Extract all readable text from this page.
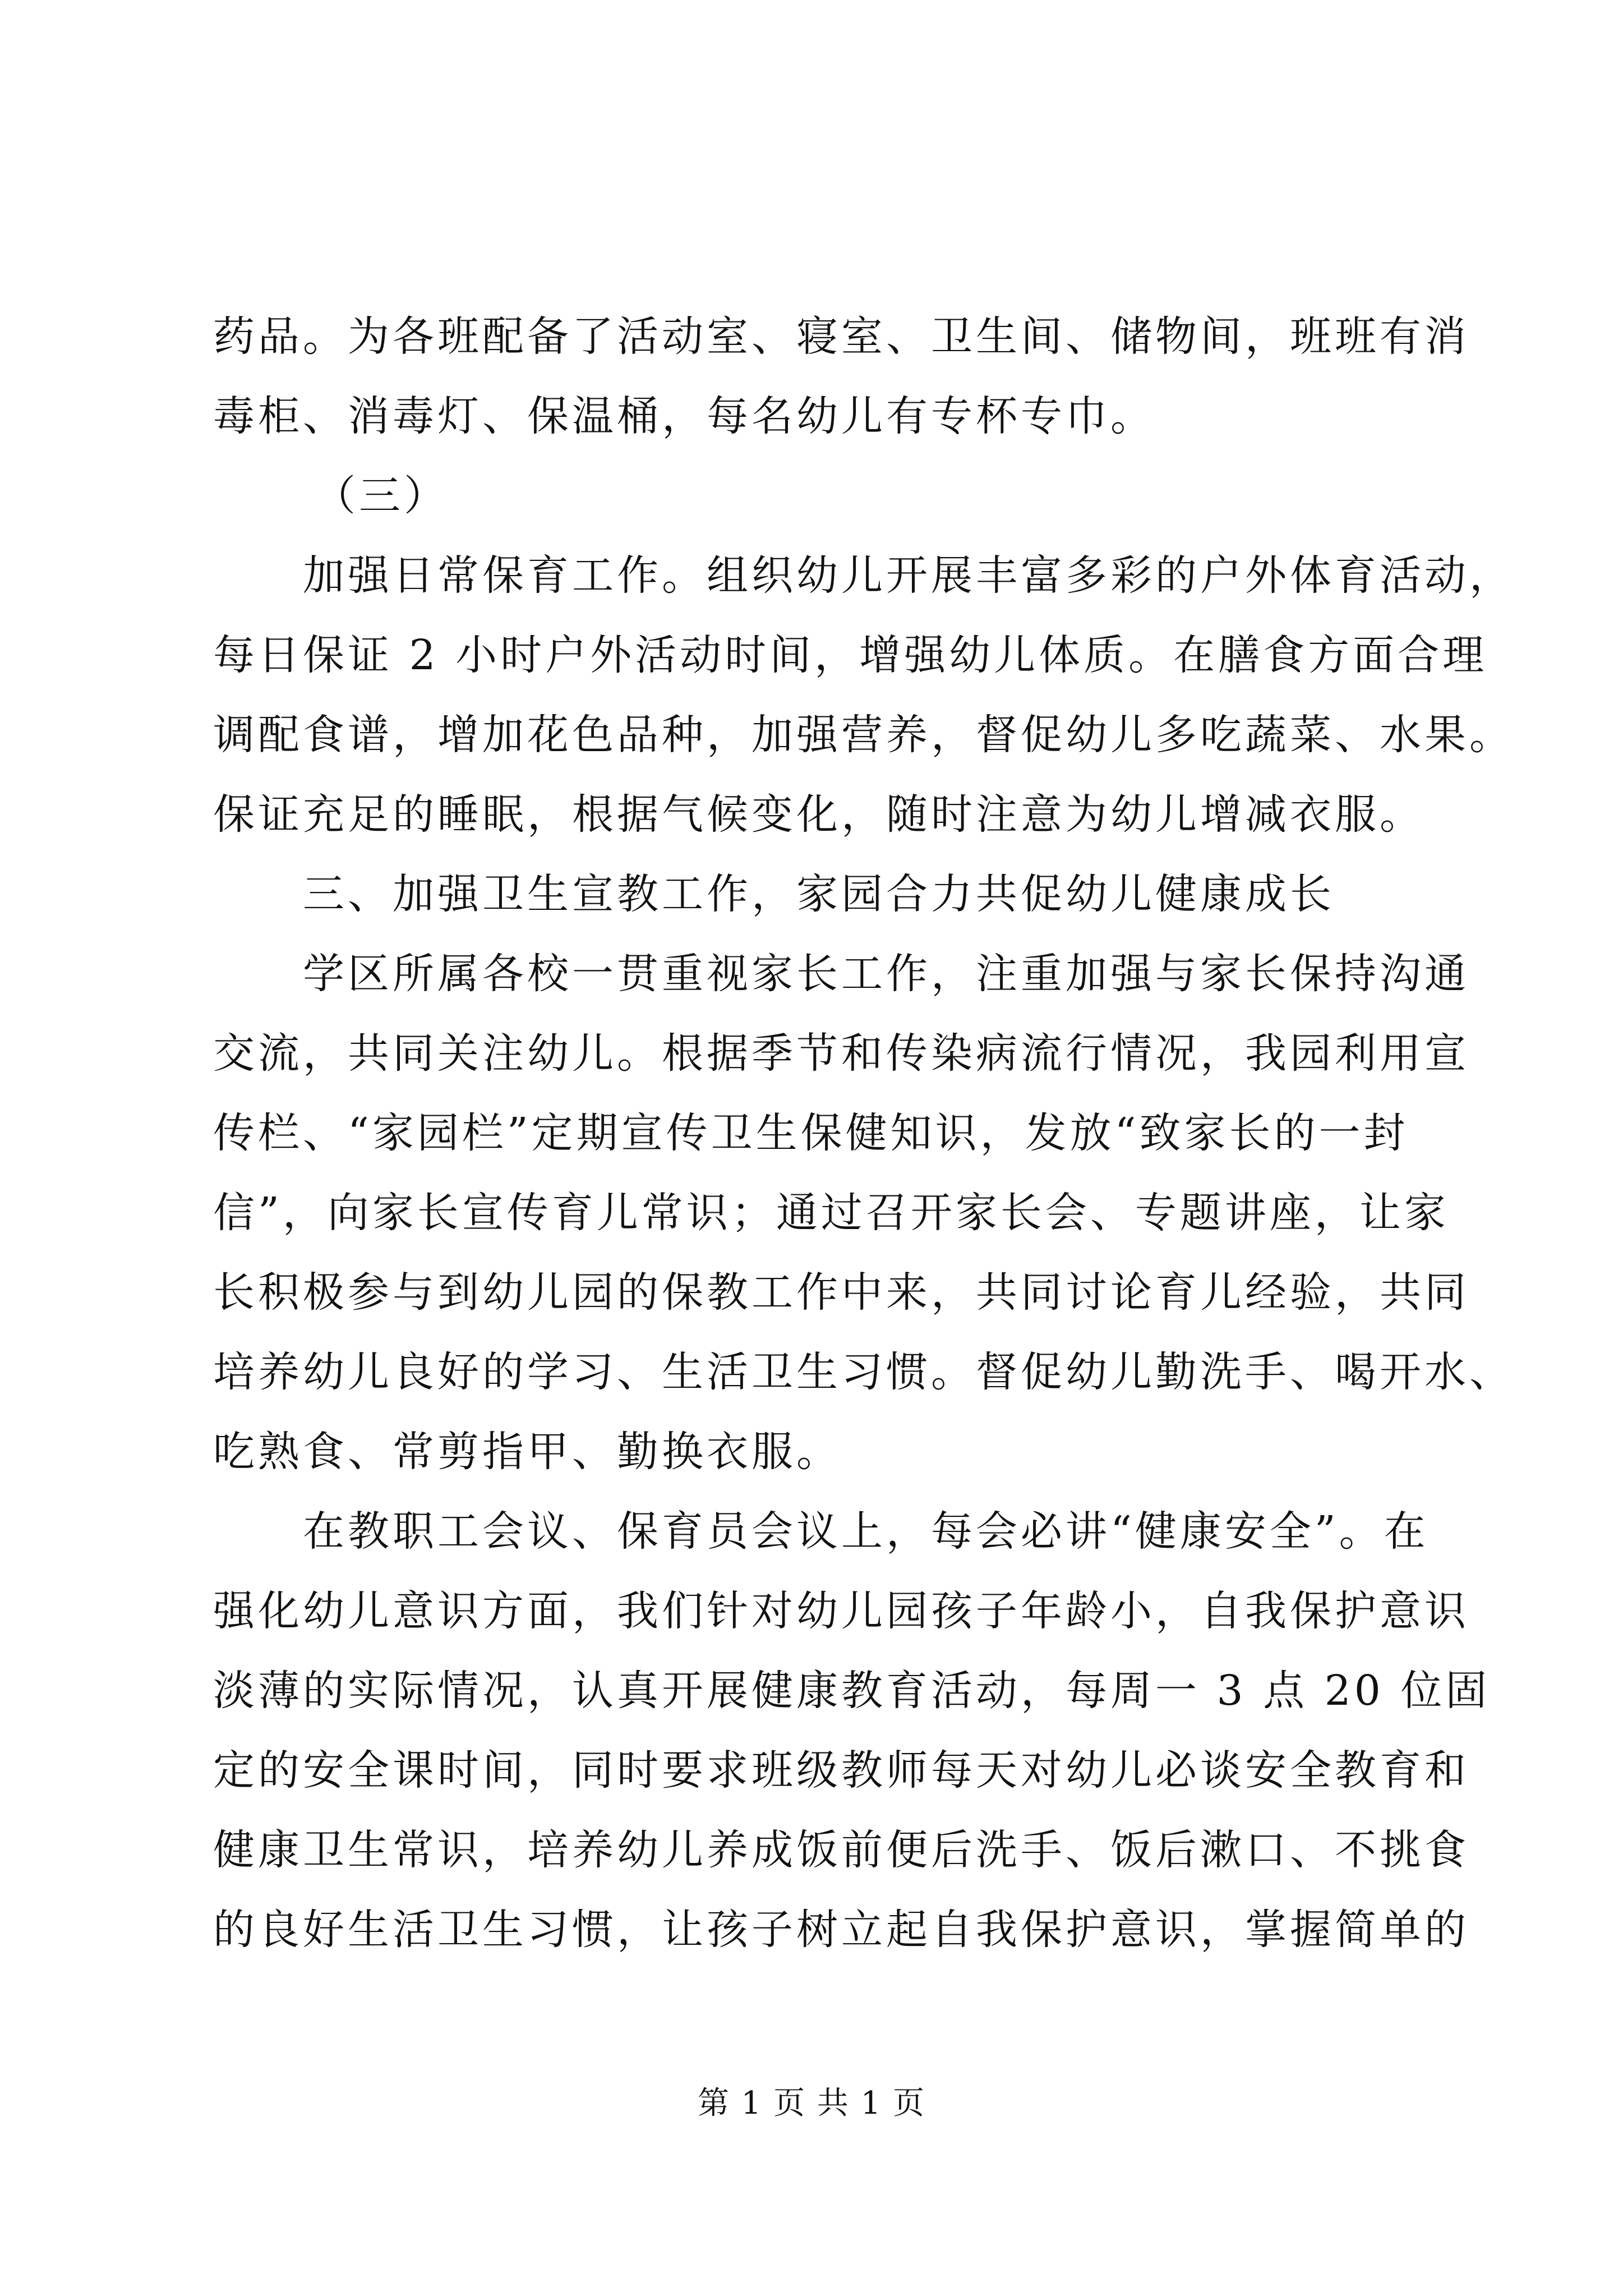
药品。为各班配备了活动室、寝室、卫生间、储物间，班班有消

毒柜、消毒灯、保温桶，每名幼儿有专杯专巾。

（三）

加强日常保育工作。组织幼儿开展丰富多彩的户外体育活动，

每日保证 2 小时户外活动时间，增强幼儿体质。在膳食方面合理

调配食谱，增加花色品种，加强营养，督促幼儿多吃蔬菜、水果。

保证充足的睡眠，根据气候变化，随时注意为幼儿增减衣服。

三、加强卫生宣教工作，家园合力共促幼儿健康成长

学区所属各校一贯重视家长工作，注重加强与家长保持沟通

交流，共同关注幼儿。根据季节和传染病流行情况，我园利用宣

传栏、“家园栏”定期宣传卫生保健知识，发放“致家长的一封

信”，向家长宣传育儿常识；通过召开家长会、专题讲座，让家

长积极参与到幼儿园的保教工作中来，共同讨论育儿经验，共同

培养幼儿良好的学习、生活卫生习惯。督促幼儿勤洗手、喝开水、

吃熟食、常剪指甲、勤换衣服。

在教职工会议、保育员会议上，每会必讲“健康安全”。在

强化幼儿意识方面，我们针对幼儿园孩子年龄小，自我保护意识

淡薄的实际情况，认真开展健康教育活动，每周一 3 点 20 位固

定的安全课时间，同时要求班级教师每天对幼儿必谈安全教育和

健康卫生常识，培养幼儿养成饭前便后洗手、饭后漱口、不挑食

的良好生活卫生习惯，让孩子树立起自我保护意识，掌握简单的

第 1 页 共 1 页
